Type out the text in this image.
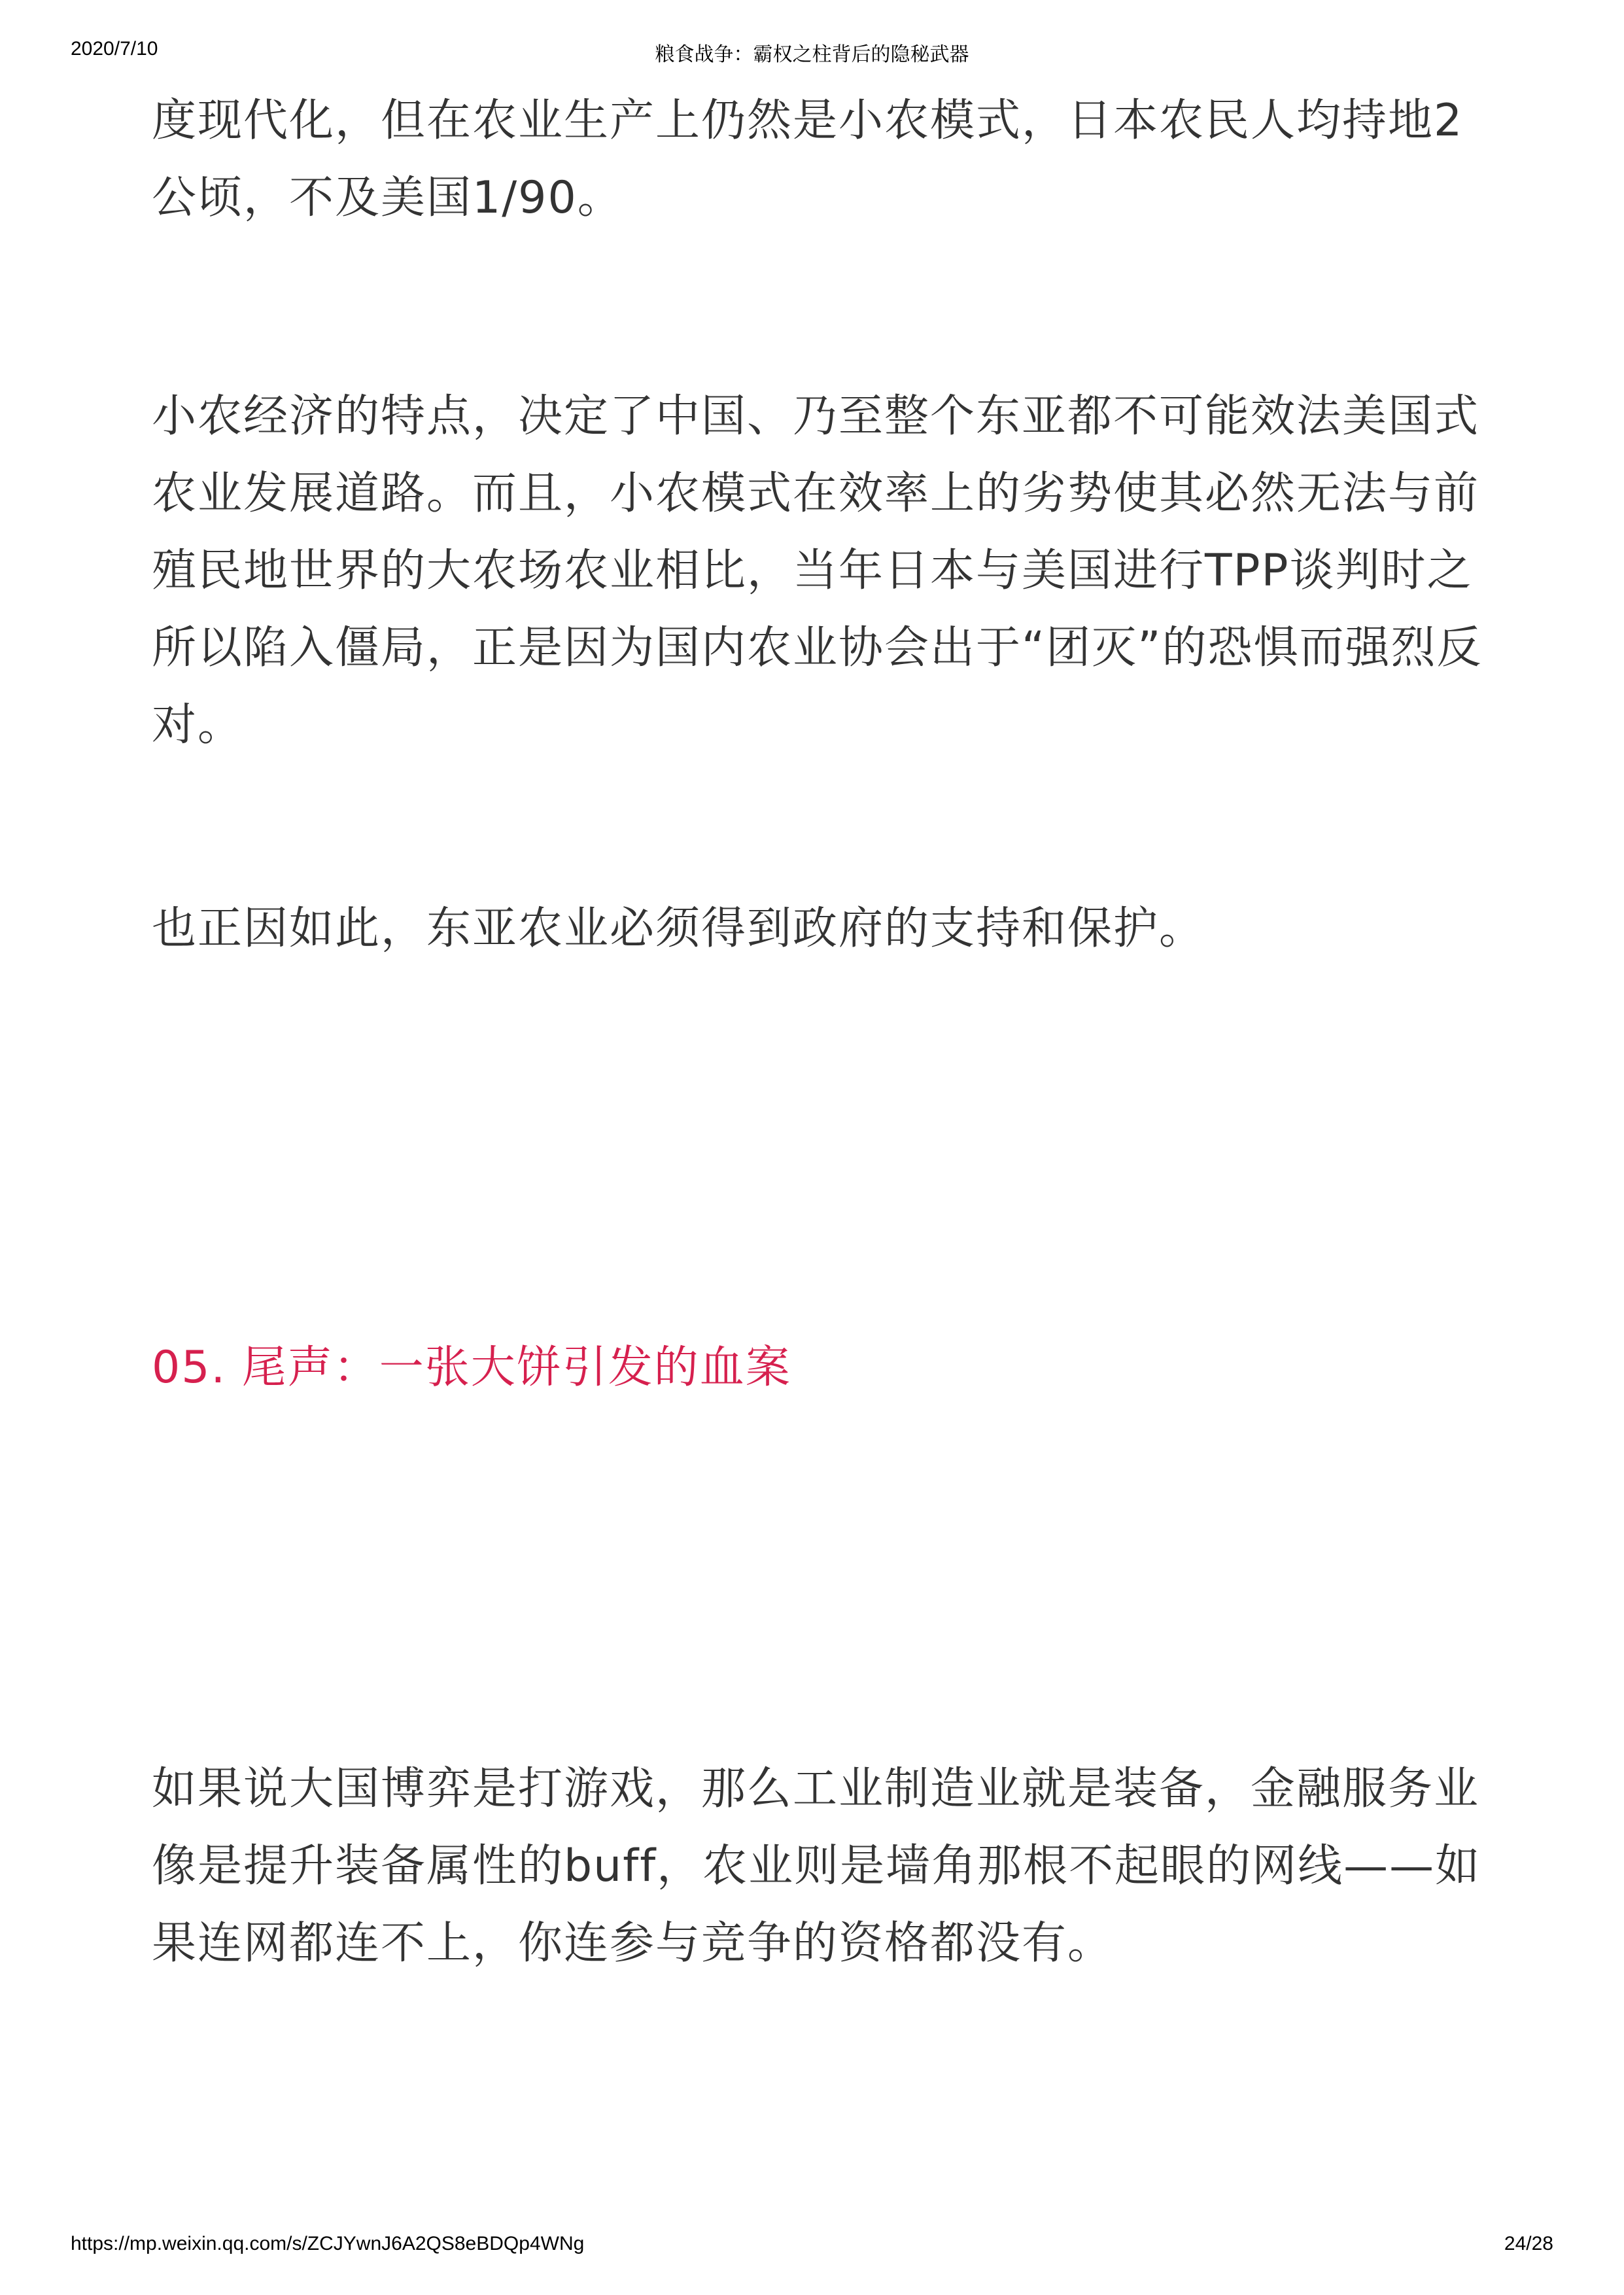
2020/7/10	粮食战争：霸权之柱背后的隐秘武器

度现代化，但在农业生产上仍然是小农模式，日本农民人均持地2公顷，不及美国1/90。

小农经济的特点，决定了中国、乃至整个东亚都不可能效法美国式农业发展道路。而且，小农模式在效率上的劣势使其必然无法与前殖民地世界的大农场农业相比，当年日本与美国进行TPP谈判时之所以陷入僵局，正是因为国内农业协会出于“团灭”的恐惧而强烈反对。

也正因如此，东亚农业必须得到政府的支持和保护。

05. 尾声：一张大饼引发的血案

如果说大国博弈是打游戏，那么工业制造业就是装备，金融服务业像是提升装备属性的buff，农业则是墙角那根不起眼的网线——如果连网都连不上，你连参与竞争的资格都没有。

https://mp.weixin.qq.com/s/ZCJYwnJ6A2QS8eBDQp4WNg	24/28
